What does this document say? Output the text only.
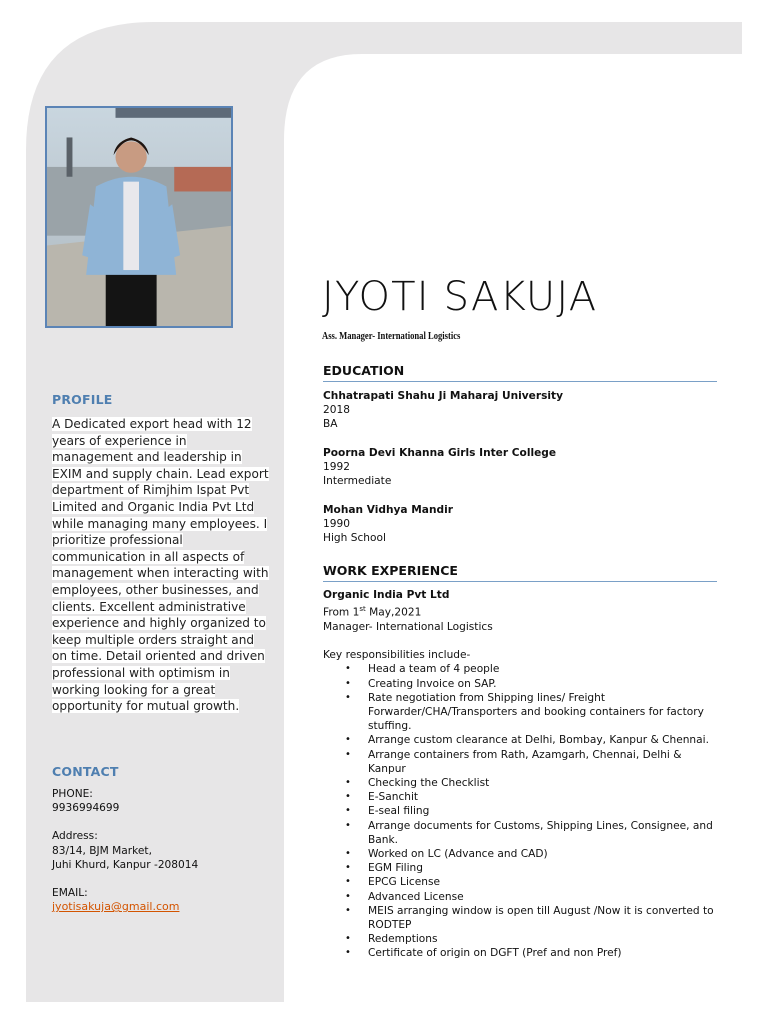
PROFILE
A Dedicated export head with 12 years of experience in management and leadership in EXIM and supply chain. Lead export department of Rimjhim Ispat Pvt Limited and Organic India Pvt Ltd while managing many employees. I prioritize professional communication in all aspects of management when interacting with employees, other businesses, and clients. Excellent administrative experience and highly organized to keep multiple orders straight and on time. Detail oriented and driven professional with optimism in working looking for a great opportunity for mutual growth.
CONTACT
PHONE:
9936994699
Address:
83/14, BJM Market,
Juhi Khurd, Kanpur -208014
EMAIL:
jyotisakuja@gmail.com
JYOTI SAKUJA
Ass. Manager- International Logistics
EDUCATION
Chhatrapati Shahu Ji Maharaj University
2018
BA
Poorna Devi Khanna Girls Inter College
1992
Intermediate
Mohan Vidhya Mandir
1990
High School
WORK EXPERIENCE
Organic India Pvt Ltd
From 1st May,2021
Manager- International Logistics
Key responsibilities include-
• Head a team of 4 people
• Creating Invoice on SAP.
• Rate negotiation from Shipping lines/ Freight Forwarder/CHA/Transporters and booking containers for factory stuffing.
• Arrange custom clearance at Delhi, Bombay, Kanpur & Chennai.
• Arrange containers from Rath, Azamgarh, Chennai, Delhi & Kanpur
• Checking the Checklist
• E-Sanchit
• E-seal filing
• Arrange documents for Customs, Shipping Lines, Consignee, and Bank.
• Worked on LC (Advance and CAD)
• EGM Filing
• EPCG License
• Advanced License
• MEIS arranging window is open till August /Now it is converted to RODTEP
• Redemptions
• Certificate of origin on DGFT (Pref and non Pref)
